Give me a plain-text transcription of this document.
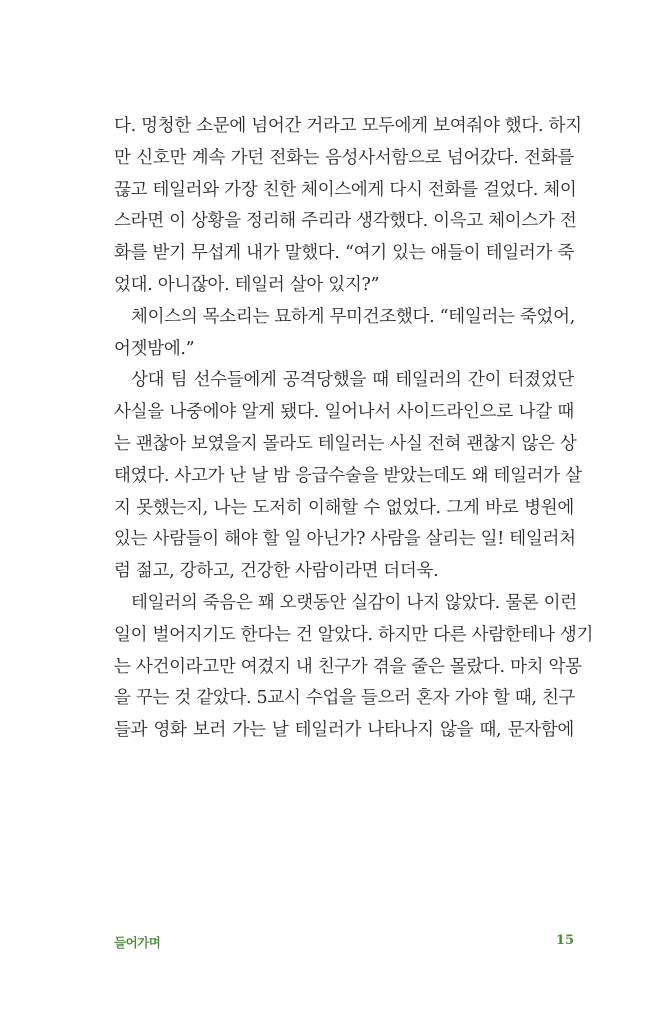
다. 멍청한 소문에 넘어간 거라고 모두에게 보여줘야 했다. 하지
만 신호만 계속 가던 전화는 음성사서함으로 넘어갔다. 전화를
끊고 테일러와 가장 친한 체이스에게 다시 전화를 걸었다. 체이
스라면 이 상황을 정리해 주리라 생각했다. 이윽고 체이스가 전
화를 받기 무섭게 내가 말했다. “여기 있는 애들이 테일러가 죽
었대. 아니잖아. 테일러 살아 있지?”
체이스의 목소리는 묘하게 무미건조했다. “테일러는 죽었어,
어젯밤에.”
상대 팀 선수들에게 공격당했을 때 테일러의 간이 터졌었단
사실을 나중에야 알게 됐다. 일어나서 사이드라인으로 나갈 때
는 괜찮아 보였을지 몰라도 테일러는 사실 전혀 괜찮지 않은 상
태였다. 사고가 난 날 밤 응급수술을 받았는데도 왜 테일러가 살
지 못했는지, 나는 도저히 이해할 수 없었다. 그게 바로 병원에
있는 사람들이 해야 할 일 아닌가? 사람을 살리는 일! 테일러처
럼 젊고, 강하고, 건강한 사람이라면 더더욱.
테일러의 죽음은 꽤 오랫동안 실감이 나지 않았다. 물론 이런
일이 벌어지기도 한다는 건 알았다. 하지만 다른 사람한테나 생기
는 사건이라고만 여겼지 내 친구가 겪을 줄은 몰랐다. 마치 악몽
을 꾸는 것 같았다. 5교시 수업을 들으러 혼자 가야 할 때, 친구
들과 영화 보러 가는 날 테일러가 나타나지 않을 때, 문자함에
들어가며	15
